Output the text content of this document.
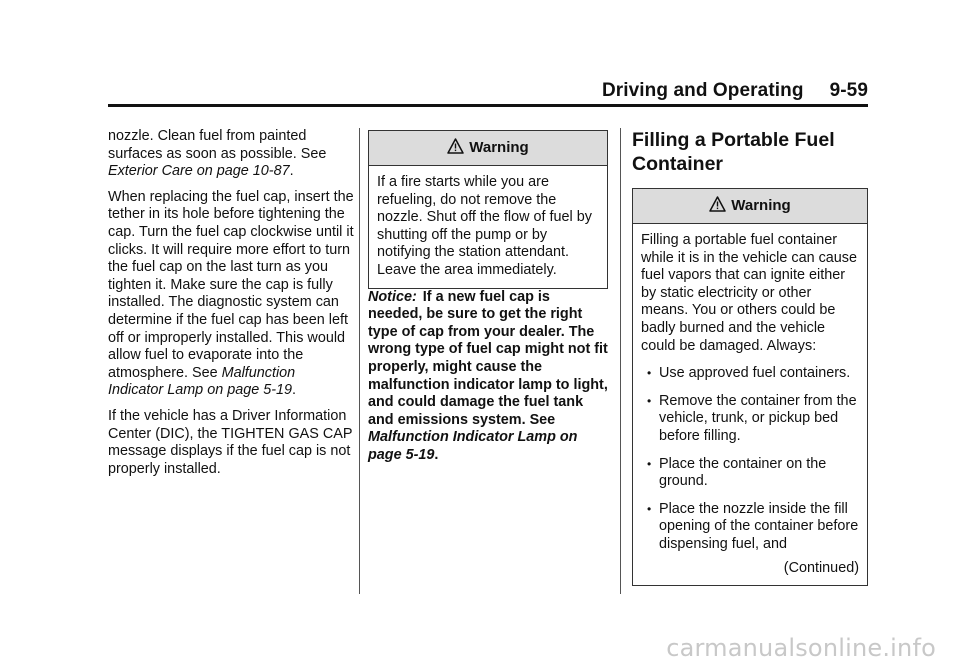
Driving and Operating 9-59

nozzle. Clean fuel from painted surfaces as soon as possible. See Exterior Care on page 10-87.

When replacing the fuel cap, insert the tether in its hole before tightening the cap. Turn the fuel cap clockwise until it clicks. It will require more effort to turn the fuel cap on the last turn as you tighten it. Make sure the cap is fully installed. The diagnostic system can determine if the fuel cap has been left off or improperly installed. This would allow fuel to evaporate into the atmosphere. See Malfunction Indicator Lamp on page 5-19.

If the vehicle has a Driver Information Center (DIC), the TIGHTEN GAS CAP message displays if the fuel cap is not properly installed.

Warning
If a fire starts while you are refueling, do not remove the nozzle. Shut off the flow of fuel by shutting off the pump or by notifying the station attendant. Leave the area immediately.

Notice: If a new fuel cap is needed, be sure to get the right type of cap from your dealer. The wrong type of fuel cap might not fit properly, might cause the malfunction indicator lamp to light, and could damage the fuel tank and emissions system. See Malfunction Indicator Lamp on page 5-19.

Filling a Portable Fuel Container
Warning
Filling a portable fuel container while it is in the vehicle can cause fuel vapors that can ignite either by static electricity or other means. You or others could be badly burned and the vehicle could be damaged. Always:
• Use approved fuel containers.
• Remove the container from the vehicle, trunk, or pickup bed before filling.
• Place the container on the ground.
• Place the nozzle inside the fill opening of the container before dispensing fuel, and
(Continued)
carmanualsonline.info
